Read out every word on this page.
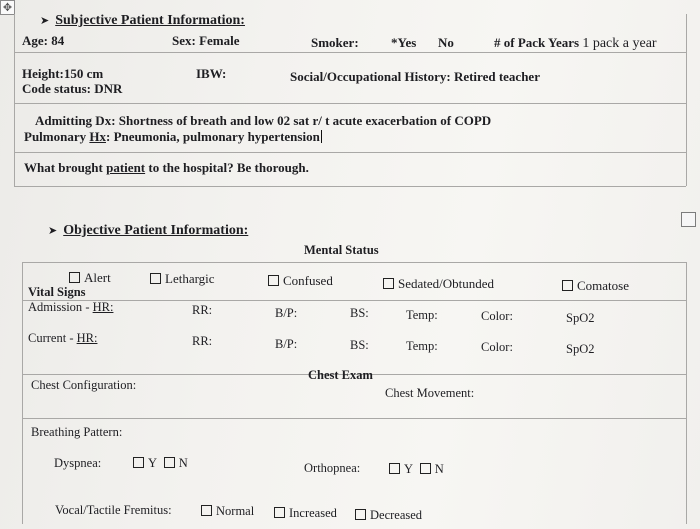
✥
➤ Subjective Patient Information:
Age: 84	Sex: Female	Smoker: *Yes No	# of Pack Years 1 pack a year
Height:150 cm	IBW:	Social/Occupational History: Retired teacher
Code status: DNR
Admitting Dx: Shortness of breath and low 02 sat r/ t acute exacerbation of COPD
Pulmonary Hx: Pneumonia, pulmonary hypertension
What brought patient to the hospital? Be thorough.
➤ Objective Patient Information:
Mental Status
Alert	Lethargic	Confused	Sedated/Obtunded	Comatose
Vital Signs
Admission - HR:	RR:	B/P:	BS:	Temp:	Color:	SpO2
Current - HR:	RR:	B/P:	BS:	Temp:	Color:	SpO2
Chest Exam
Chest Configuration:
Chest Movement:
Breathing Pattern:
Dyspnea:	Y N	Orthopnea:	Y N
Vocal/Tactile Fremitus:	Normal	Increased	Decreased
